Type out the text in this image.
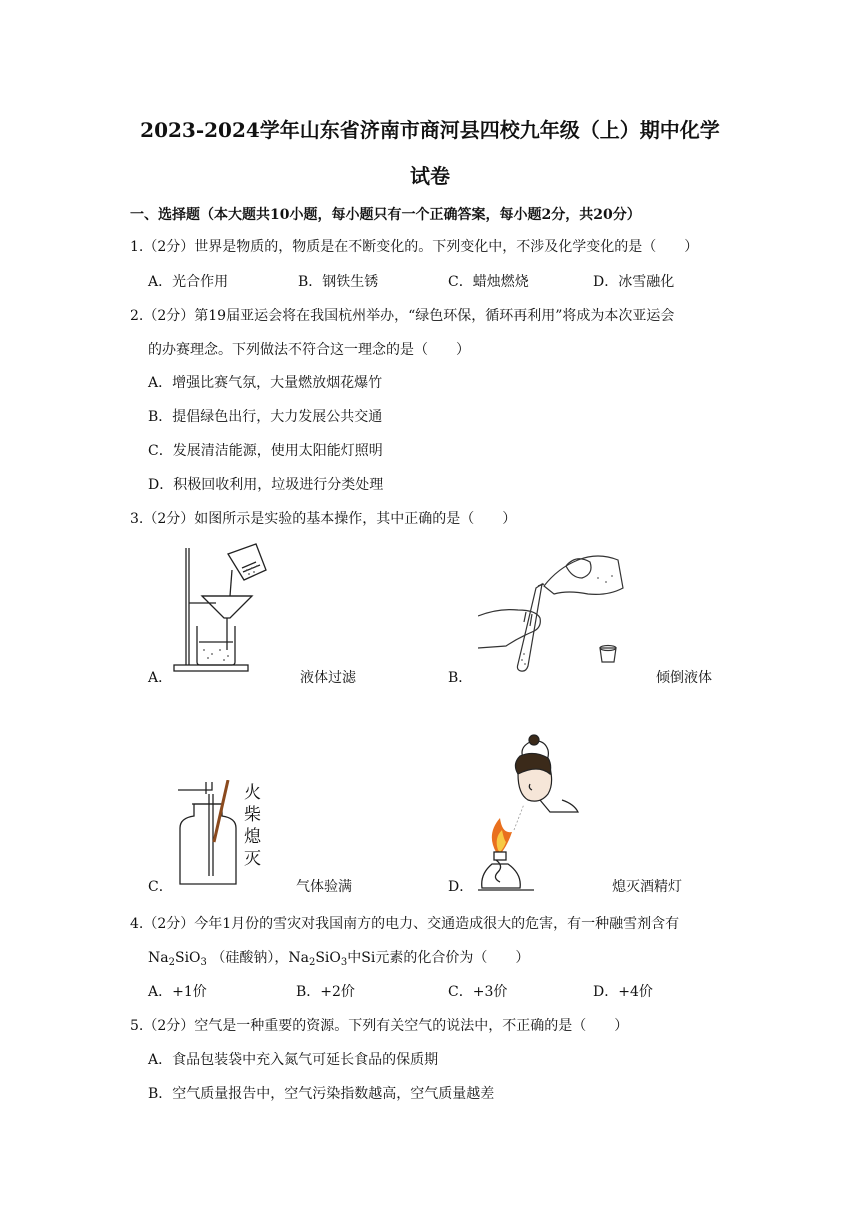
2023-2024学年山东省济南市商河县四校九年级（上）期中化学
试卷
一、选择题（本大题共10小题，每小题只有一个正确答案，每小题2分，共20分）
1.（2分）世界是物质的，物质是在不断变化的。下列变化中，不涉及化学变化的是（　　）
A．光合作用	B．钢铁生锈	C．蜡烛燃烧	D．冰雪融化
2.（2分）第19届亚运会将在我国杭州举办，“绿色环保，循环再利用”将成为本次亚运会
的办赛理念。下列做法不符合这一理念的是（　　）
A．增强比赛气氛，大量燃放烟花爆竹
B．提倡绿色出行，大力发展公共交通
C．发展清洁能源，使用太阳能灯照明
D．积极回收利用，垃圾进行分类处理
3.（2分）如图所示是实验的基本操作，其中正确的是（　　）
A．	液体过滤	B．	倾倒液体
火
柴
熄
灭
C．	气体验满	D．	熄灭酒精灯
4.（2分）今年1月份的雪灾对我国南方的电力、交通造成很大的危害，有一种融雪剂含有
$Na_2SiO_3$ （硅酸钠），$Na_2SiO_3$中Si元素的化合价为（　　）
A．+1价	B．+2价	C．+3价	D．+4价
5.（2分）空气是一种重要的资源。下列有关空气的说法中，不正确的是（　　）
A．食品包装袋中充入氮气可延长食品的保质期
B．空气质量报告中，空气污染指数越高，空气质量越差
